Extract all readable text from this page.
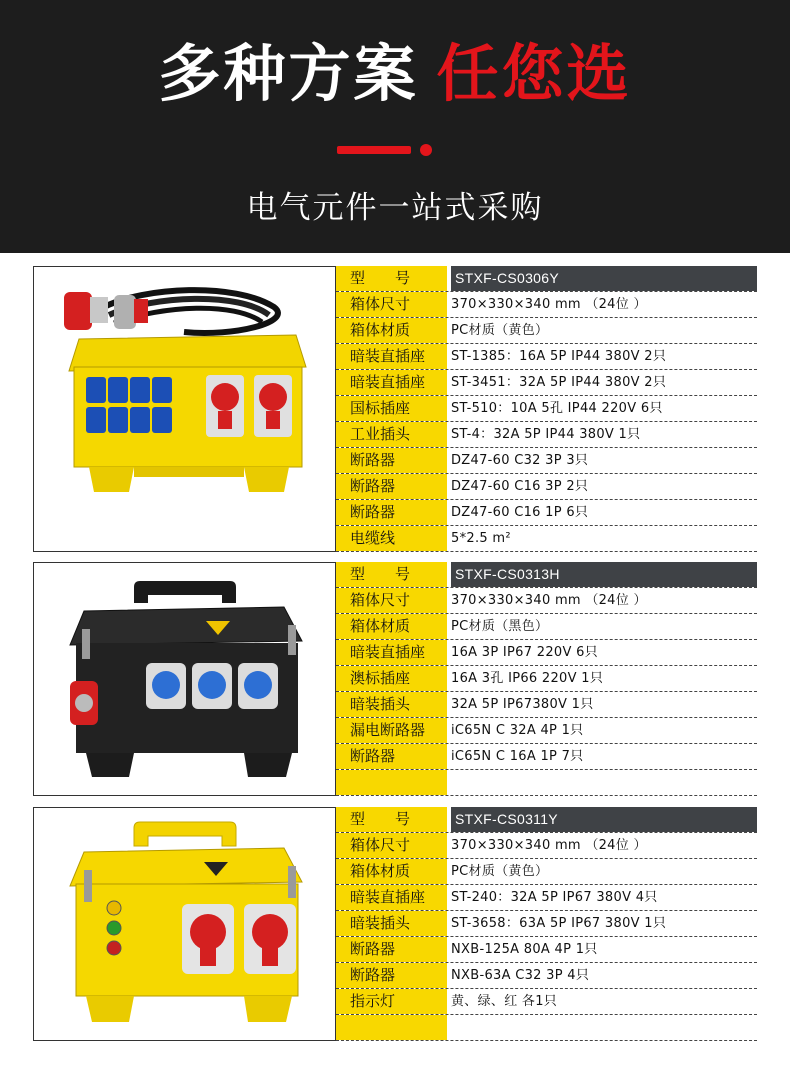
多种方案 任您选
电气元件一站式采购
型　　号	STXF-CS0306Y
箱体尺寸	370×330×340 mm （24位 ）
箱体材质	PC材质（黄色）
暗装直插座	ST-1385：16A 5P IP44 380V 2只
暗装直插座	ST-3451：32A 5P IP44 380V 2只
国标插座	ST-510：10A 5孔 IP44 220V 6只
工业插头	ST-4：32A 5P IP44 380V 1只
断路器	DZ47-60 C32 3P 3只
断路器	DZ47-60 C16 3P 2只
断路器	DZ47-60 C16 1P 6只
电缆线	5*2.5 m²
型　　号	STXF-CS0313H
箱体尺寸	370×330×340 mm （24位 ）
箱体材质	PC材质（黑色）
暗装直插座	16A 3P IP67 220V 6只
澳标插座	16A 3孔 IP66 220V 1只
暗装插头	32A 5P IP67380V 1只
漏电断路器	iC65N C 32A 4P 1只
断路器	iC65N C 16A 1P 7只
型　　号	STXF-CS0311Y
箱体尺寸	370×330×340 mm （24位 ）
箱体材质	PC材质（黄色）
暗装直插座	ST-240：32A 5P IP67 380V 4只
暗装插头	ST-3658：63A 5P IP67 380V 1只
断路器	NXB-125A 80A 4P 1只
断路器	NXB-63A C32 3P 4只
指示灯	黄、绿、红 各1只
